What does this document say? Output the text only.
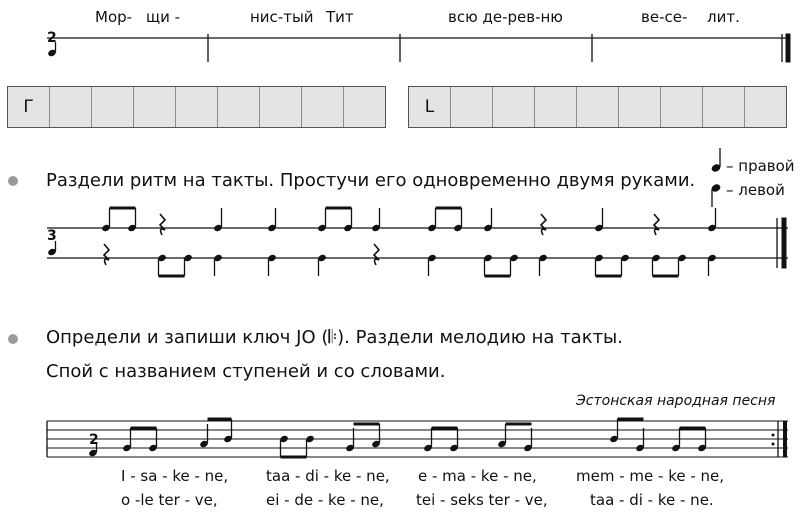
Мор- щи -	нис-тый Тит	всю де-рев-ню	ве-се- лит.
2
Г	L
Раздели ритм на такты. Простучи его одновременно двумя руками.
– правой
– левой
3
Определи и запиши ключ JO (𝄆). Раздели мелодию на такты.
Спой с названием ступеней и со словами.
Эстонская народная песня
2
I - sa - ke - ne,	taa - di - ke - ne, e - ma - ke - ne,	mem - me - ke - ne,
o -le ter - ve,	ei - de - ke - ne, tei - seks ter - ve,	taa - di - ke - ne.
